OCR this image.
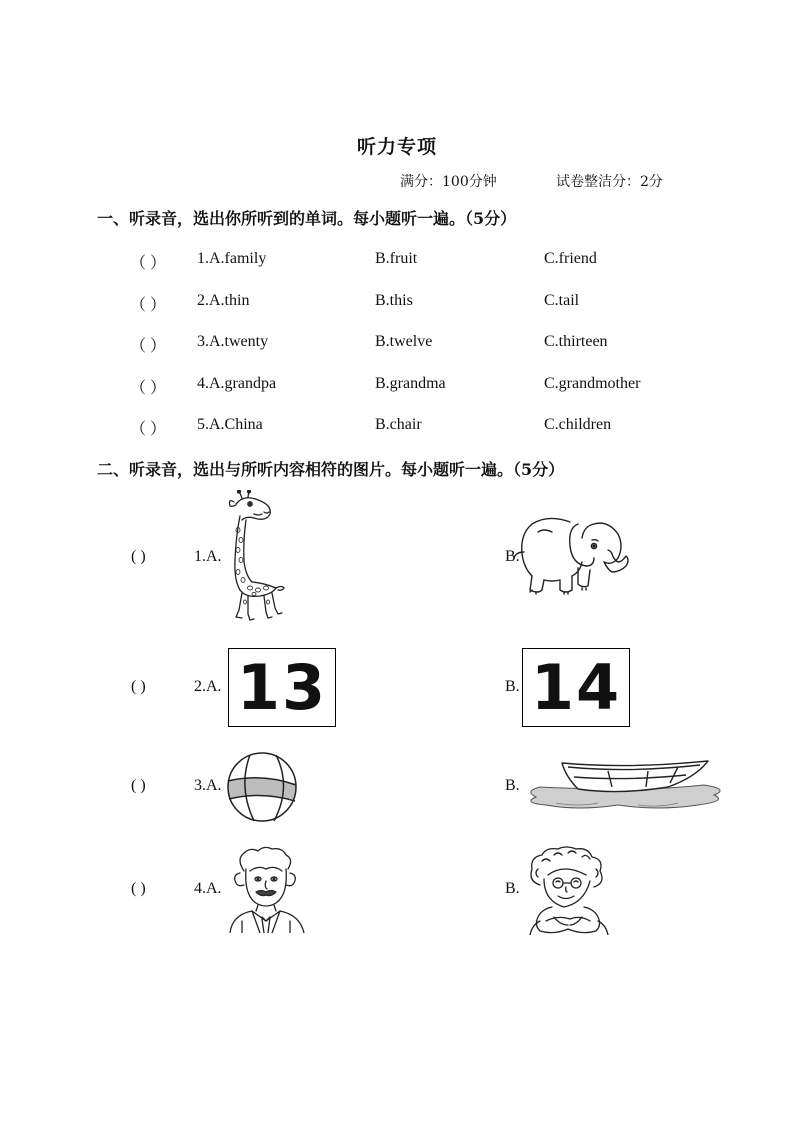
听力专项
满分：100分钟	试卷整洁分：2分
一、听录音，选出你所听到的单词。每小题听一遍。（5分）
（ ） 1.A.family	B.fruit	C.friend
（ ） 2.A.thin	B.this	C.tail
（ ） 3.A.twenty	B.twelve	C.thirteen
（ ） 4.A.grandpa	B.grandma	C.grandmother
（ ） 5.A.China	B.chair	C.children
二、听录音，选出与所听内容相符的图片。每小题听一遍。（5分）
( )	1.A.	B.
( )	2.A. 13	B. 14
( )	3.A.	B.
( )	4.A.	B.
